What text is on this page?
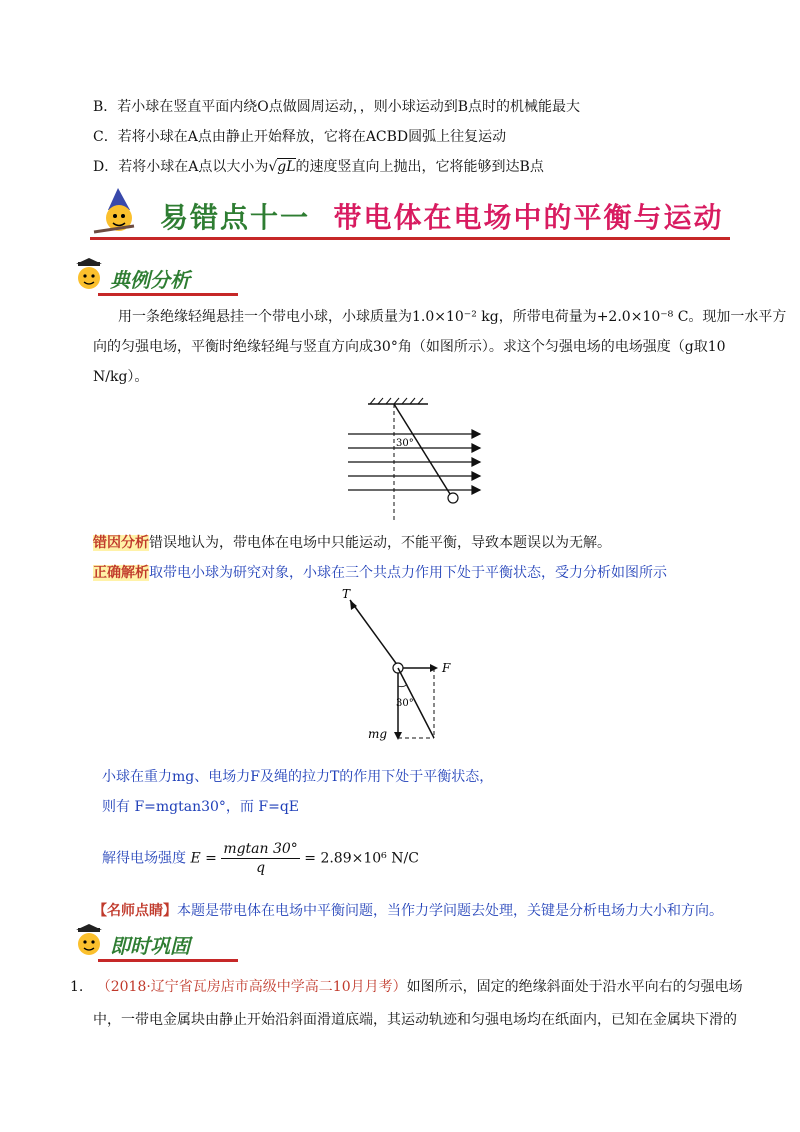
B．若小球在竖直平面内绕O点做圆周运动，，则小球运动到B点时的机械能最大
C．若将小球在A点由静止开始释放，它将在ACBD圆弧上往复运动
D．若将小球在A点以大小为√gL的速度竖直向上抛出，它将能够到达B点
易错点十一 带电体在电场中的平衡与运动
典例分析
用一条绝缘轻绳悬挂一个带电小球，小球质量为1.0×10⁻² kg，所带电荷量为+2.0×10⁻⁸ C。现加一水平方
向的匀强电场，平衡时绝缘轻绳与竖直方向成30°角（如图所示）。求这个匀强电场的电场强度（g取10
N/kg）。
30°
错因分析错误地认为，带电体在电场中只能运动，不能平衡，导致本题误以为无解。
正确解析取带电小球为研究对象，小球在三个共点力作用下处于平衡状态，受力分析如图所示
T
F
mg
30°
小球在重力mg、电场力F及绳的拉力T的作用下处于平衡状态，
则有 F=mgtan30°，而 F=qE
解得电场强度 $E = \frac{mgtan 30^\circ}{q} = 2.89\times 10^6$ N/C
【名师点睛】本题是带电体在电场中平衡问题，当作力学问题去处理，关键是分析电场力大小和方向。
即时巩固
1. （2018·辽宁省瓦房店市高级中学高二10月月考）如图所示，固定的绝缘斜面处于沿水平向右的匀强电场
中，一带电金属块由静止开始沿斜面滑道底端，其运动轨迹和匀强电场均在纸面内，已知在金属块下滑的
